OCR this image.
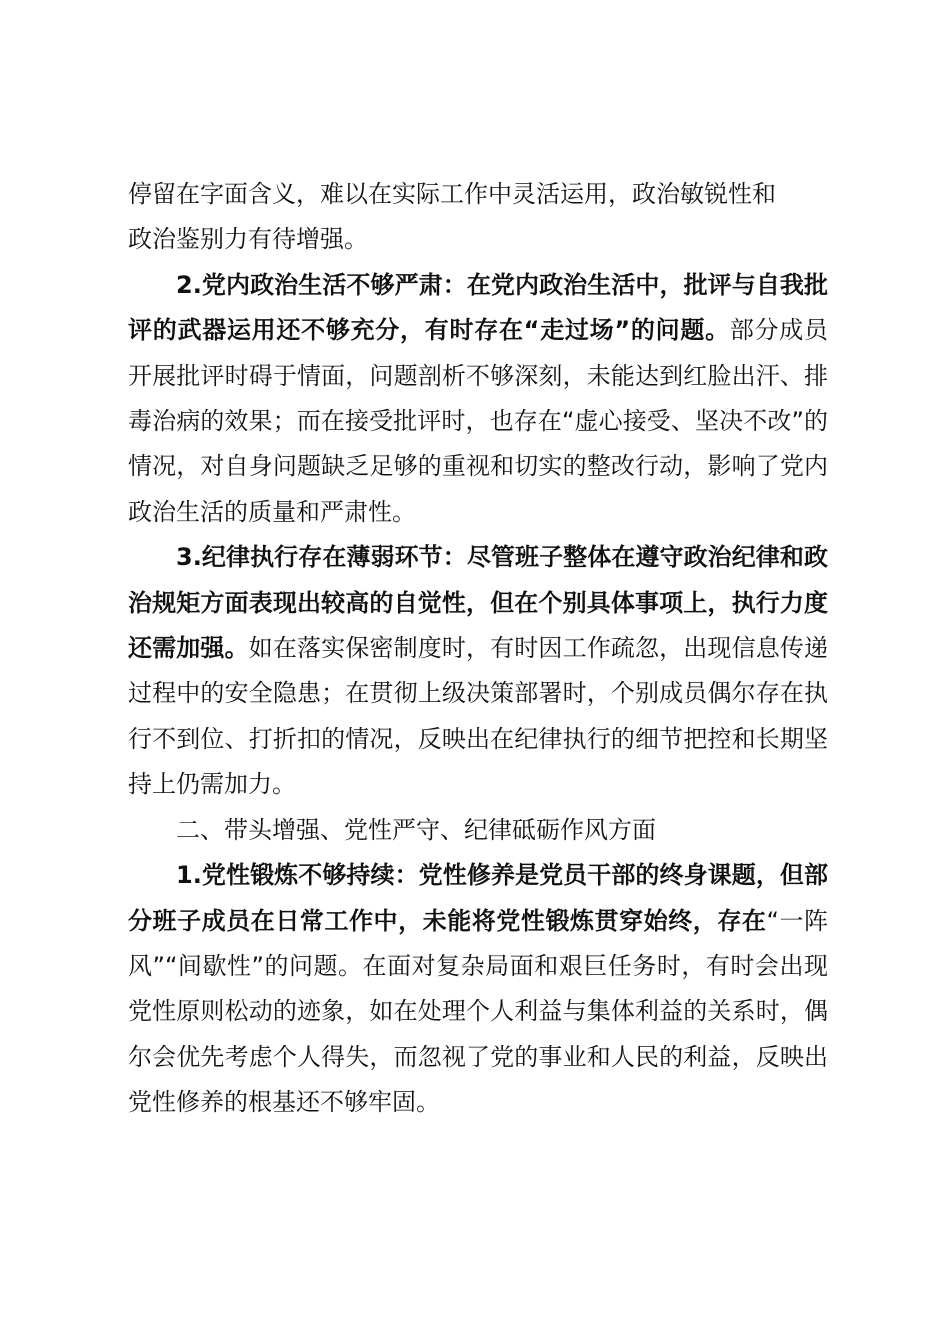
停留在字面含义，难以在实际工作中灵活运用，政治敏锐性和
政治鉴别力有待增强。

2.党内政治生活不够严肃：在党内政治生活中，批评与自我批评的武器运用还不够充分，有时存在“走过场”的问题。部分成员开展批评时碍于情面，问题剖析不够深刻，未能达到红脸出汗、排毒治病的效果；而在接受批评时，也存在“虚心接受、坚决不改”的情况，对自身问题缺乏足够的重视和切实的整改行动，影响了党内政治生活的质量和严肃性。

3.纪律执行存在薄弱环节：尽管班子整体在遵守政治纪律和政治规矩方面表现出较高的自觉性，但在个别具体事项上，执行力度还需加强。如在落实保密制度时，有时因工作疏忽，出现信息传递过程中的安全隐患；在贯彻上级决策部署时，个别成员偶尔存在执行不到位、打折扣的情况，反映出在纪律执行的细节把控和长期坚持上仍需加力。

二、带头增强、党性严守、纪律砥砺作风方面

1.党性锻炼不够持续：党性修养是党员干部的终身课题，但部分班子成员在日常工作中，未能将党性锻炼贯穿始终，存在“一阵风”“间歇性”的问题。在面对复杂局面和艰巨任务时，有时会出现党性原则松动的迹象，如在处理个人利益与集体利益的关系时，偶尔会优先考虑个人得失，而忽视了党的事业和人民的利益，反映出党性修养的根基还不够牢固。
